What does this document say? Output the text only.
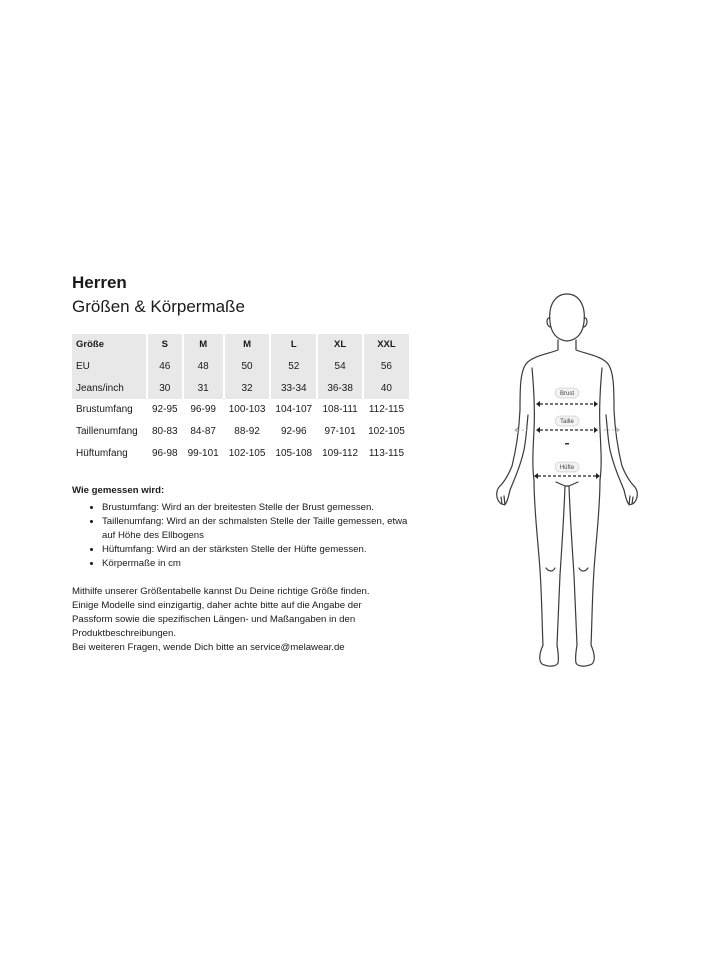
Herren
Größen & Körpermaße
Größe	S	M	M	L	XL	XXL
EU	46	48	50	52	54	56
Jeans/inch	30	31	32	33-34	36-38	40
Brustumfang	92-95	96-99	100-103	104-107	108-111	112-115
Taillenumfang	80-83	84-87	88-92	92-96	97-101	102-105
Hüftumfang	96-98	99-101	102-105	105-108	109-112	113-115
Wie gemessen wird:
• Brustumfang: Wird an der breitesten Stelle der Brust gemessen.
• Taillenumfang: Wird an der schmalsten Stelle der Taille gemessen, etwa auf Höhe des Ellbogens
• Hüftumfang: Wird an der stärksten Stelle der Hüfte gemessen.
• Körpermaße in cm

Mithilfe unserer Größentabelle kannst Du Deine richtige Größe finden.

Einige Modelle sind einzigartig, daher achte bitte auf die Angabe der Passform sowie die spezifischen Längen- und Maßangaben in den Produktbeschreibungen.

Bei weiteren Fragen, wende Dich bitte an service@melawear.de

Brust
Taille
Hüfte
